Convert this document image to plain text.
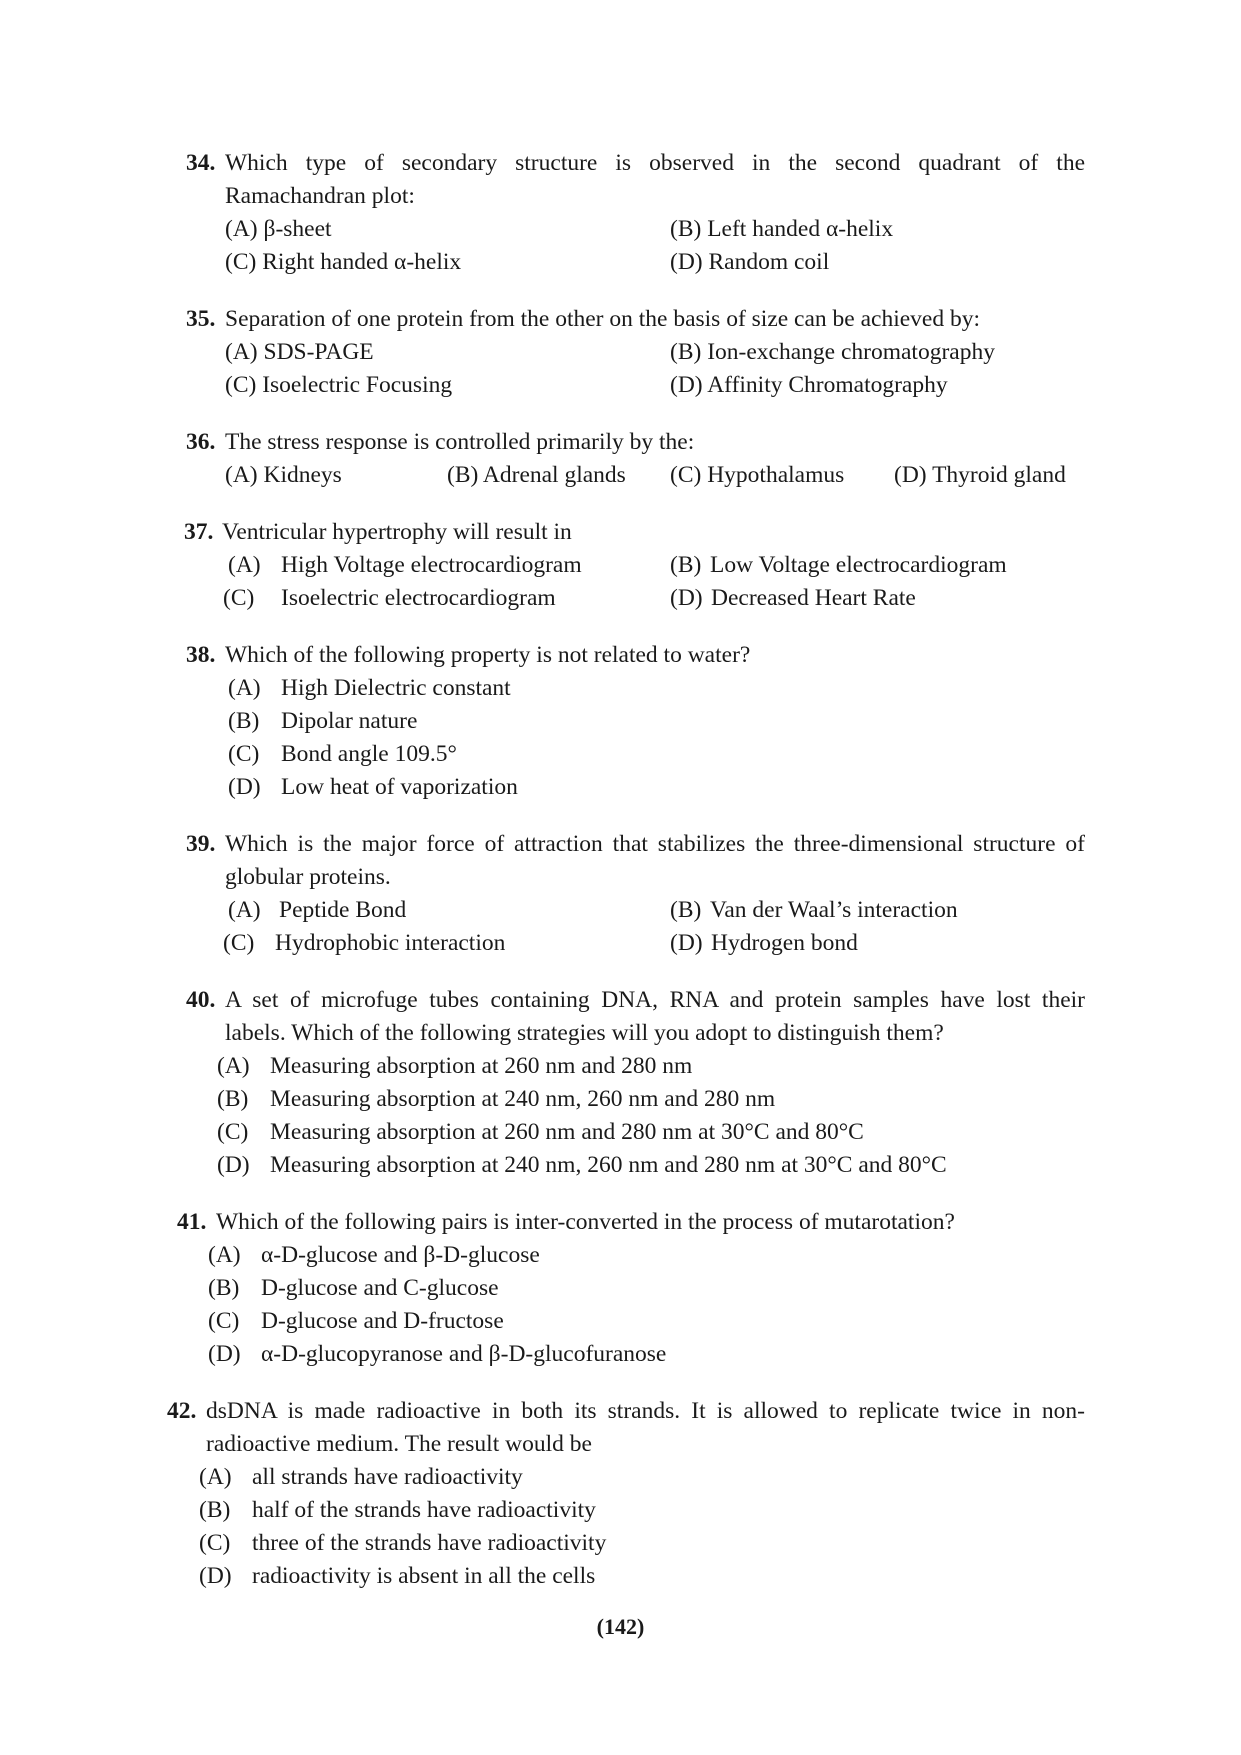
34. Which type of secondary structure is observed in the second quadrant of the
Ramachandran plot:
(A) β-sheet	(B) Left handed α-helix
(C) Right handed α-helix	(D) Random coil
35. Separation of one protein from the other on the basis of size can be achieved by:
(A) SDS-PAGE	(B) Ion-exchange chromatography
(C) Isoelectric Focusing	(D) Affinity Chromatography
36. The stress response is controlled primarily by the:
(A) Kidneys	(B) Adrenal glands (C) Hypothalamus (D) Thyroid gland
37. Ventricular hypertrophy will result in
(A) High Voltage electrocardiogram	(B) Low Voltage electrocardiogram
(C) Isoelectric electrocardiogram	(D) Decreased Heart Rate
38. Which of the following property is not related to water?
(A) High Dielectric constant
(B) Dipolar nature
(C) Bond angle 109.5°
(D) Low heat of vaporization
39. Which is the major force of attraction that stabilizes the three-dimensional structure of
globular proteins.
(A) Peptide Bond	(B) Van der Waal’s interaction
(C) Hydrophobic interaction	(D) Hydrogen bond
40. A set of microfuge tubes containing DNA, RNA and protein samples have lost their
labels. Which of the following strategies will you adopt to distinguish them?
(A) Measuring absorption at 260 nm and 280 nm
(B) Measuring absorption at 240 nm, 260 nm and 280 nm
(C) Measuring absorption at 260 nm and 280 nm at 30°C and 80°C
(D) Measuring absorption at 240 nm, 260 nm and 280 nm at 30°C and 80°C
41. Which of the following pairs is inter-converted in the process of mutarotation?
(A) α-D-glucose and β-D-glucose
(B) D-glucose and C-glucose
(C) D-glucose and D-fructose
(D) α-D-glucopyranose and β-D-glucofuranose
42. dsDNA is made radioactive in both its strands. It is allowed to replicate twice in non-
radioactive medium. The result would be
(A) all strands have radioactivity
(B) half of the strands have radioactivity
(C) three of the strands have radioactivity
(D) radioactivity is absent in all the cells
(142)
